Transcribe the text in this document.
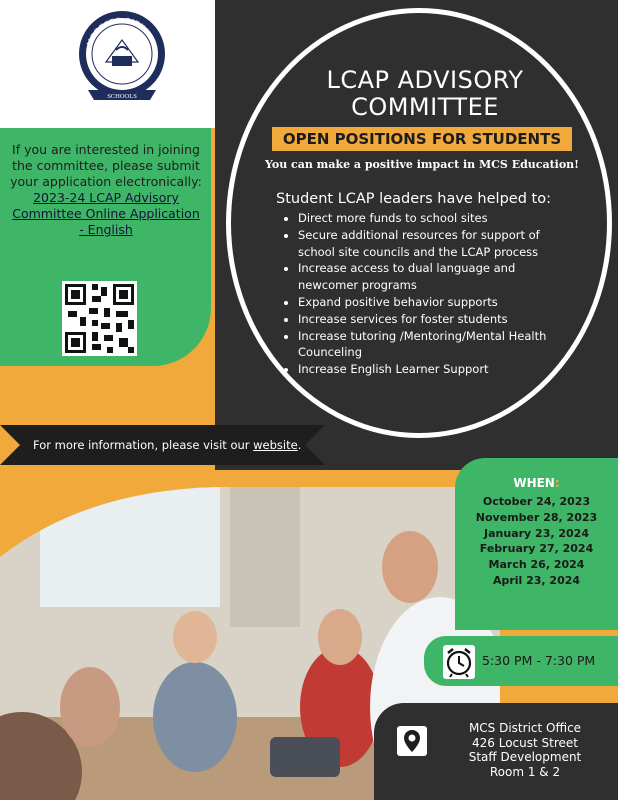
MODESTO CITY
SCHOOLS
If you are interested in joining the committee, please submit your application electronically:
2023-24 LCAP Advisory Committee Online Application - English
LCAP ADVISORY
COMMITTEE
OPEN POSITIONS FOR STUDENTS
You can make a positive impact in MCS Education!
Student LCAP leaders have helped to:
• Direct more funds to school sites
• Secure additional resources for support of school site councils and the LCAP process
• Increase access to dual language and newcomer programs
• Expand positive behavior supports
• Increase services for foster students
• Increase tutoring /Mentoring/Mental Health Counceling
• Increase English Learner Support
For more information, please visit our website.
WHEN:
October 24, 2023
November 28, 2023
January 23, 2024
February 27, 2024
March 26, 2024
April 23, 2024
5:30 PM - 7:30 PM
MCS District Office
426 Locust Street
Staff Development
Room 1 & 2
